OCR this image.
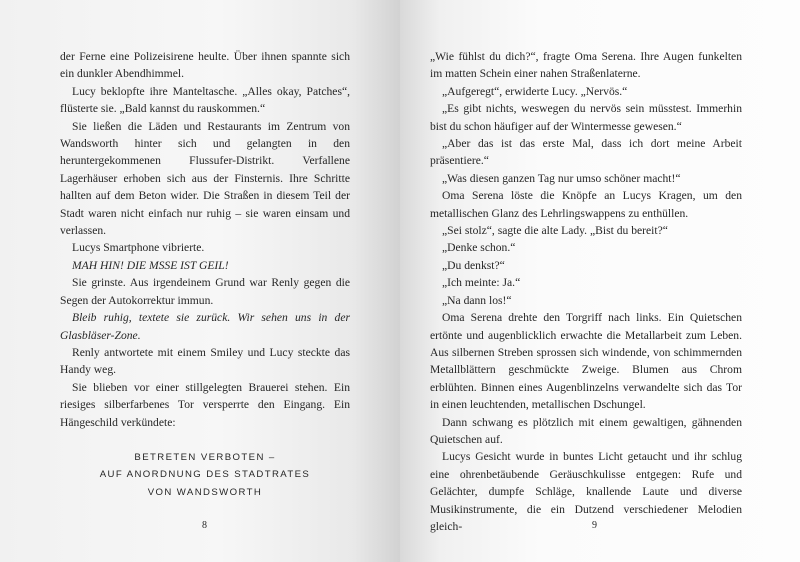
der Ferne eine Polizeisirene heulte. Über ihnen spannte sich ein dunkler Abendhimmel.

Lucy beklopfte ihre Manteltasche. „Alles okay, Patches“, flüsterte sie. „Bald kannst du rauskommen.“

Sie ließen die Läden und Restaurants im Zentrum von Wandsworth hinter sich und gelangten in den heruntergekommenen Flussufer-Distrikt. Verfallene Lagerhäuser erhoben sich aus der Finsternis. Ihre Schritte hallten auf dem Beton wider. Die Straßen in diesem Teil der Stadt waren nicht einfach nur ruhig – sie waren einsam und verlassen.

Lucys Smartphone vibrierte.

MAH HIN! DIE MSSE IST GEIL!

Sie grinste. Aus irgendeinem Grund war Renly gegen die Segen der Autokorrektur immun.

Bleib ruhig, textete sie zurück. Wir sehen uns in der Glasbläser-Zone.

Renly antwortete mit einem Smiley und Lucy steckte das Handy weg.

Sie blieben vor einer stillgelegten Brauerei stehen. Ein riesiges silberfarbenes Tor versperrte den Eingang. Ein Hängeschild verkündete:

BETRETEN VERBOTEN –
AUF ANORDNUNG DES STADTRATES
VON WANDSWORTH

8

„Wie fühlst du dich?“, fragte Oma Serena. Ihre Augen funkelten im matten Schein einer nahen Straßenlaterne.

„Aufgeregt“, erwiderte Lucy. „Nervös.“

„Es gibt nichts, weswegen du nervös sein müsstest. Immerhin bist du schon häufiger auf der Wintermesse gewesen.“

„Aber das ist das erste Mal, dass ich dort meine Arbeit präsentiere.“

„Was diesen ganzen Tag nur umso schöner macht!“

Oma Serena löste die Knöpfe an Lucys Kragen, um den metallischen Glanz des Lehrlingswappens zu enthüllen.

„Sei stolz“, sagte die alte Lady. „Bist du bereit?“

„Denke schon.“

„Du denkst?“

„Ich meinte: Ja.“

„Na dann los!“

Oma Serena drehte den Torgriff nach links. Ein Quietschen ertönte und augenblicklich erwachte die Metallarbeit zum Leben. Aus silbernen Streben sprossen sich windende, von schimmernden Metallblättern geschmückte Zweige. Blumen aus Chrom erblühten. Binnen eines Augenblinzelns verwandelte sich das Tor in einen leuchtenden, metallischen Dschungel.

Dann schwang es plötzlich mit einem gewaltigen, gähnenden Quietschen auf.

Lucys Gesicht wurde in buntes Licht getaucht und ihr schlug eine ohrenbetäubende Geräuschkulisse entgegen: Rufe und Gelächter, dumpfe Schläge, knallende Laute und diverse Musikinstrumente, die ein Dutzend verschiedener Melodien gleich-	9
